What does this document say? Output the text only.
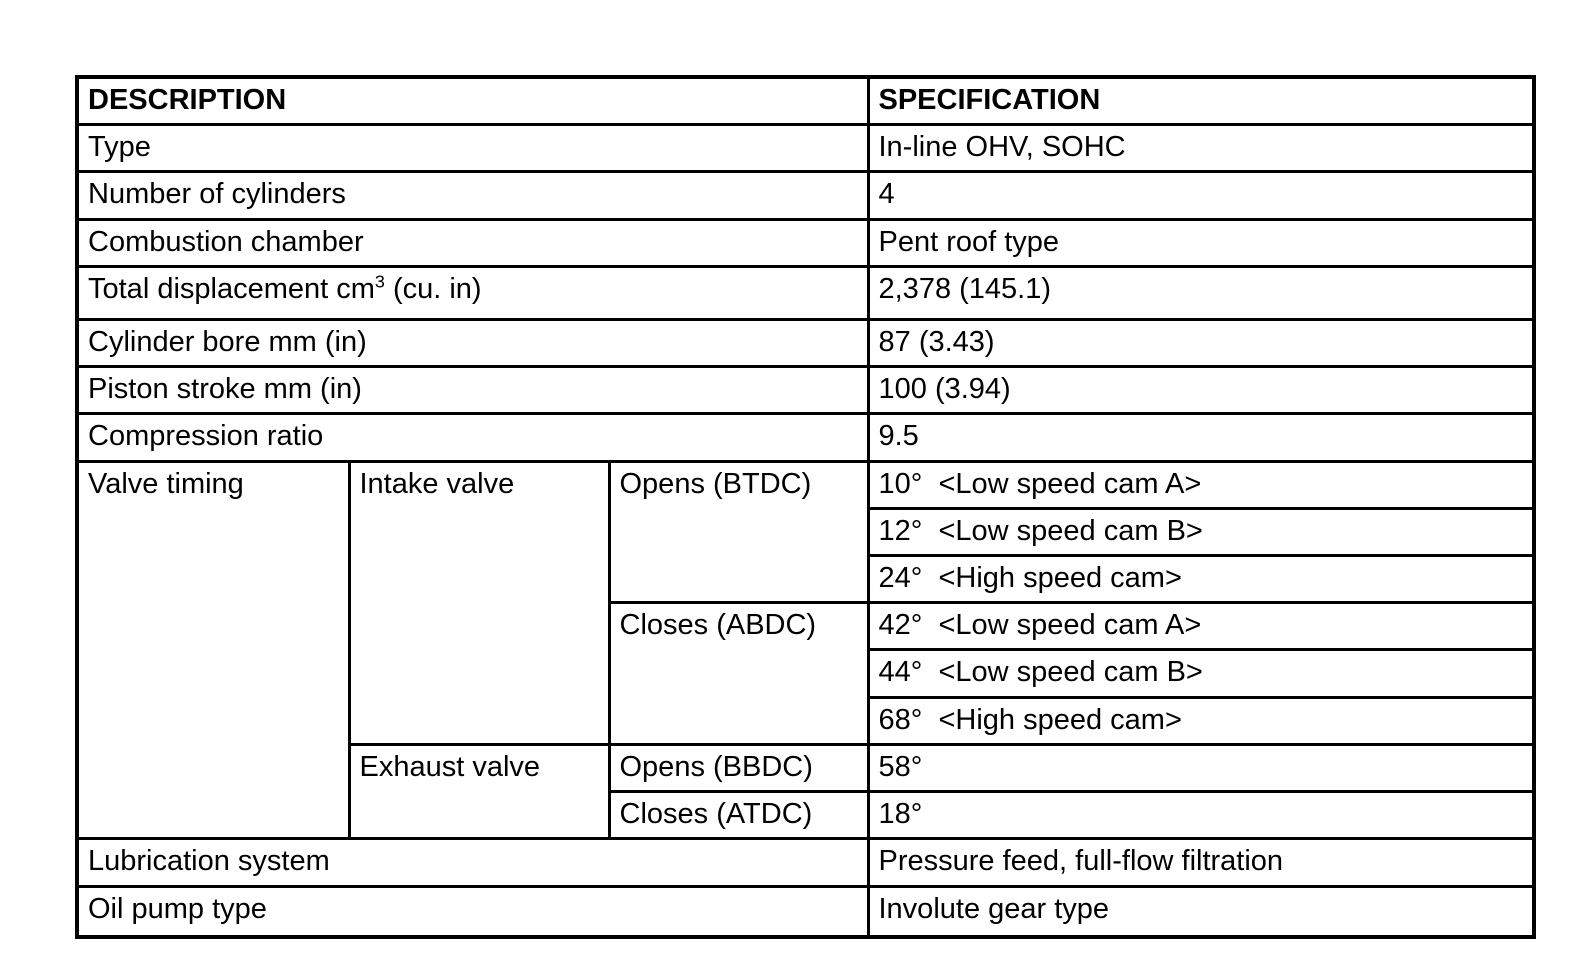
DESCRIPTION			SPECIFICATION
Type			In-line OHV, SOHC
Number of cylinders			4
Combustion chamber			Pent roof type
Total displacement $cm^3$ (cu. in)			2,378 (145.1)
Cylinder bore mm (in)			87 (3.43)
Piston stroke mm (in)			100 (3.94)
Compression ratio			9.5
Valve timing	Intake valve	Opens (BTDC)	10°  <Low speed cam A>
			12°  <Low speed cam B>
			24°  <High speed cam>
		Closes (ABDC)	42°  <Low speed cam A>
			44°  <Low speed cam B>
			68°  <High speed cam>
	Exhaust valve	Opens (BBDC)	58°
		Closes (ATDC)	18°
Lubrication system			Pressure feed, full-flow filtration
Oil pump type			Involute gear type
